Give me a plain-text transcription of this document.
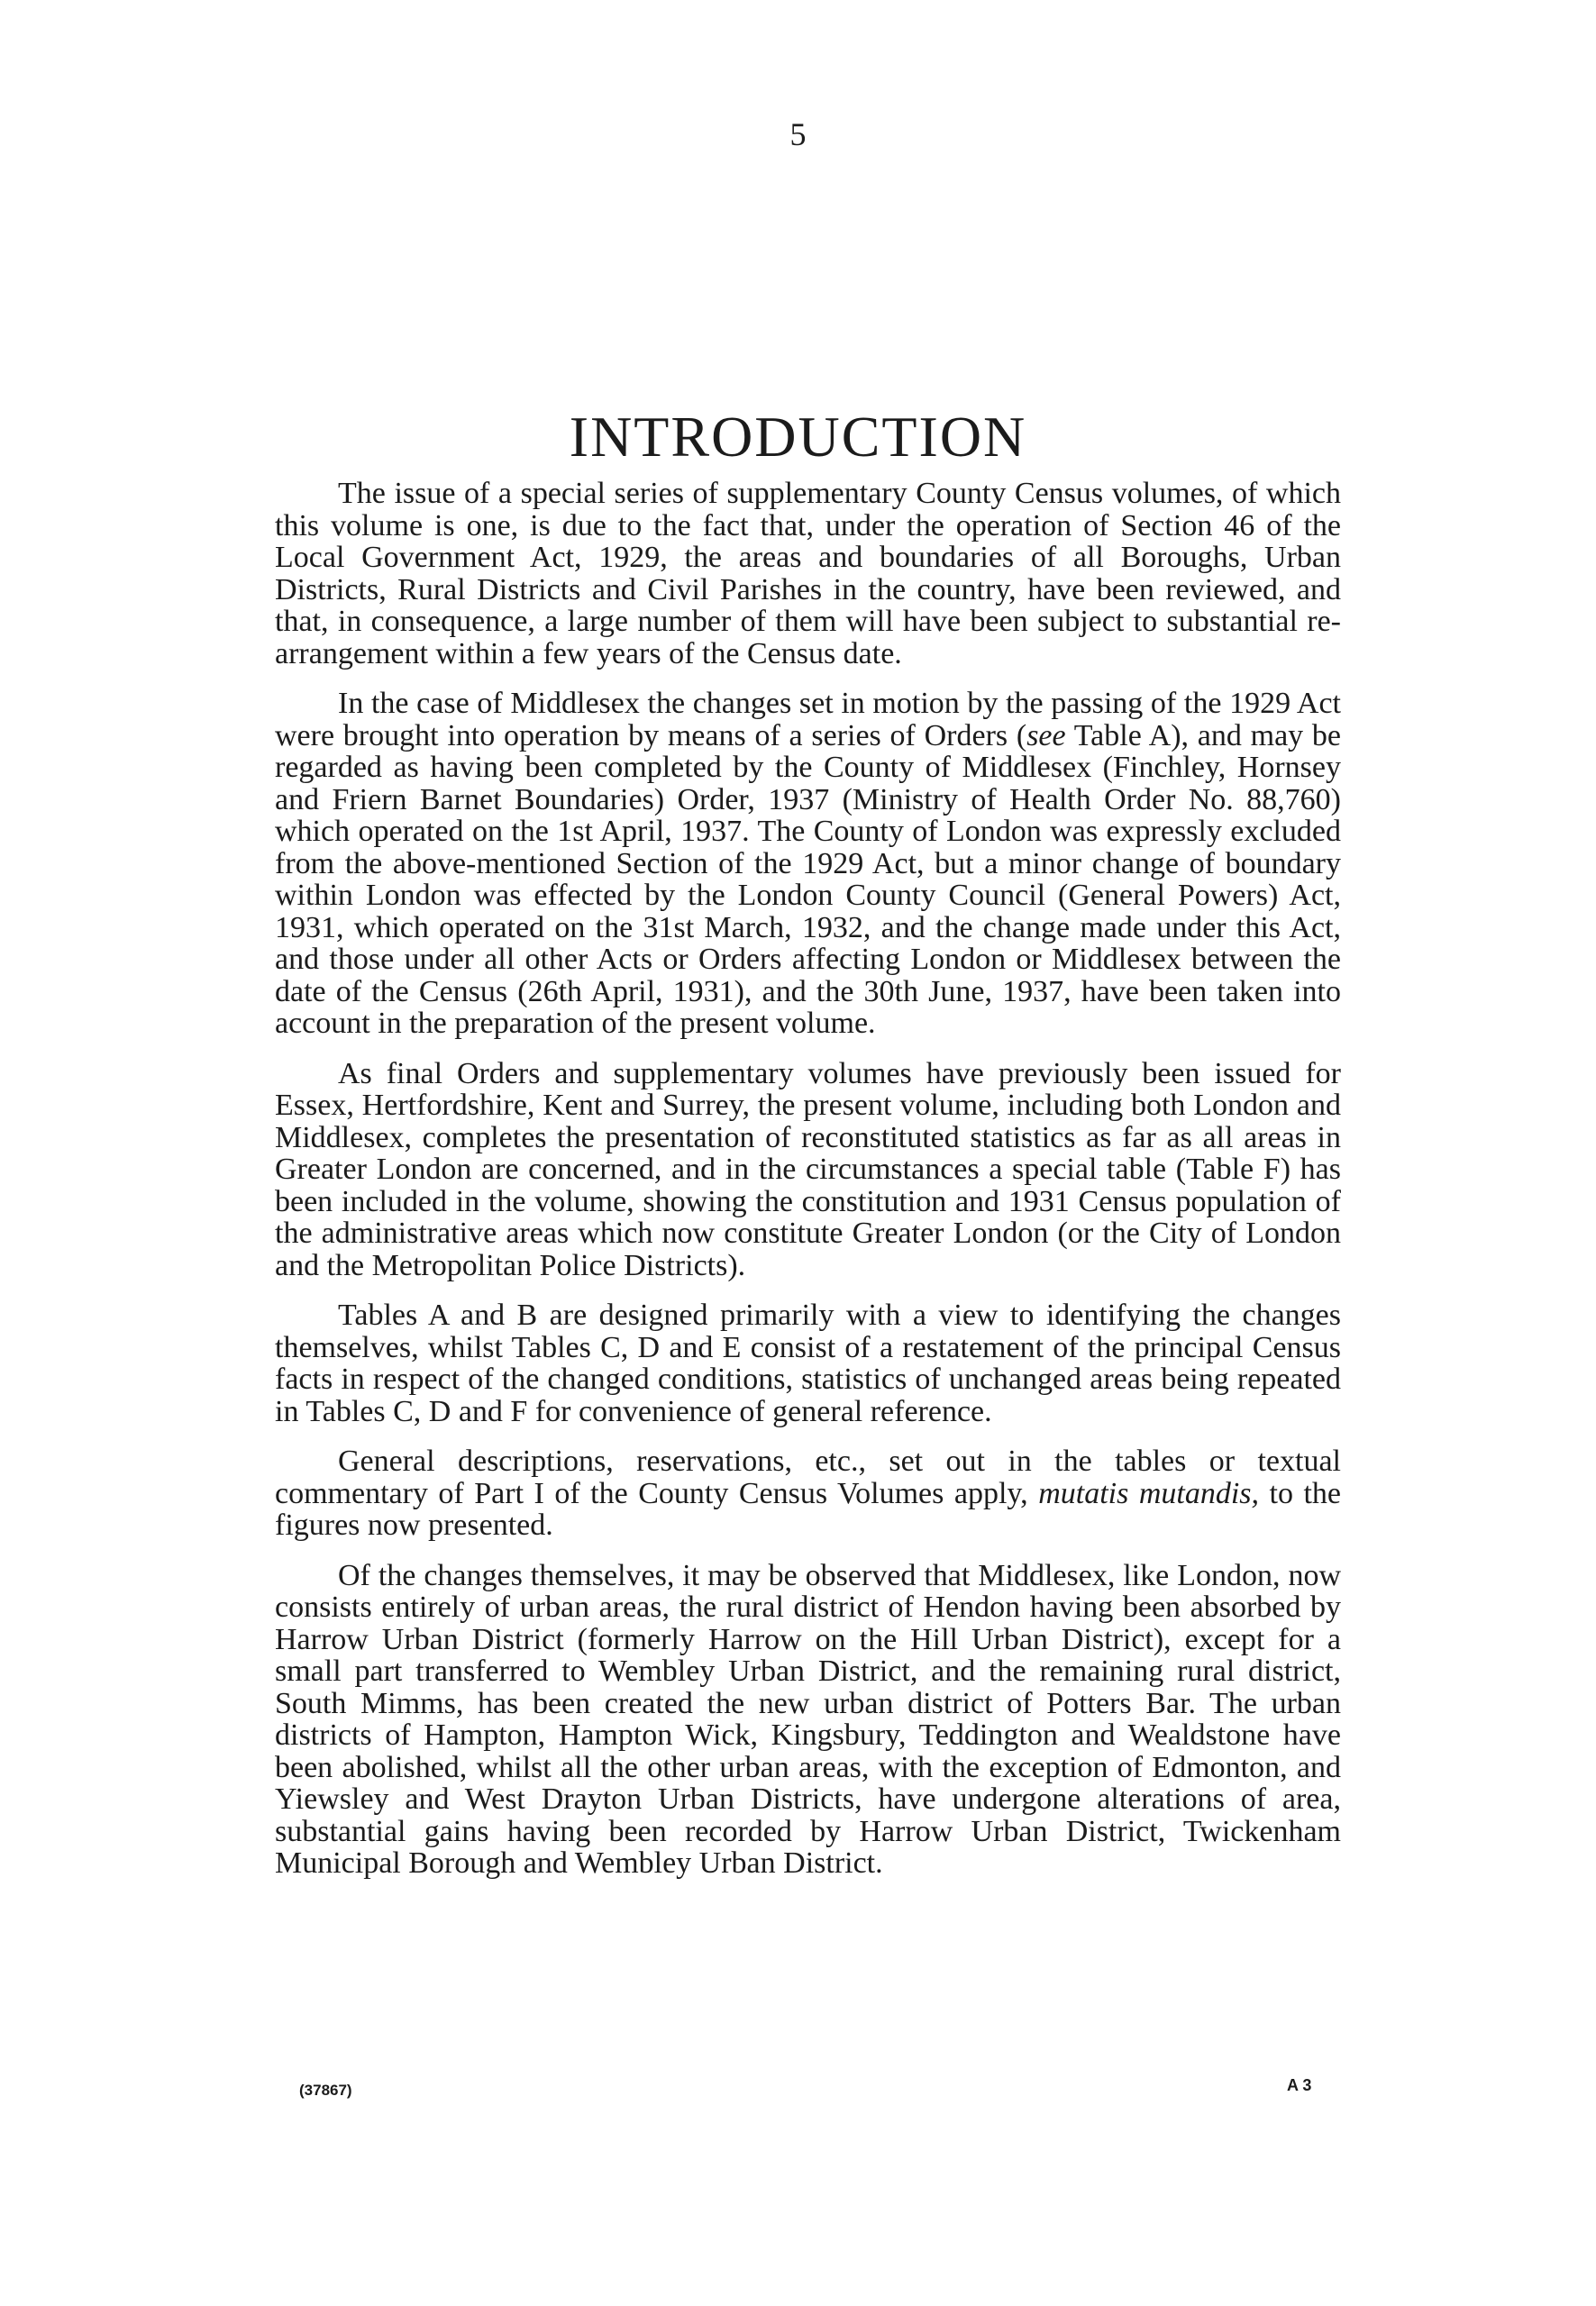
5
INTRODUCTION

The issue of a special series of supplementary County Census volumes, of which this volume is one, is due to the fact that, under the operation of Section 46 of the Local Government Act, 1929, the areas and boundaries of all Boroughs, Urban Districts, Rural Districts and Civil Parishes in the country, have been reviewed, and that, in consequence, a large number of them will have been subject to substantial re-arrangement within a few years of the Census date.

In the case of Middlesex the changes set in motion by the passing of the 1929 Act were brought into operation by means of a series of Orders (see Table A), and may be regarded as having been completed by the County of Middlesex (Finchley, Hornsey and Friern Barnet Boundaries) Order, 1937 (Ministry of Health Order No. 88,760) which operated on the 1st April, 1937. The County of London was expressly excluded from the above-mentioned Section of the 1929 Act, but a minor change of boundary within London was effected by the London County Council (General Powers) Act, 1931, which operated on the 31st March, 1932, and the change made under this Act, and those under all other Acts or Orders affecting London or Middlesex between the date of the Census (26th April, 1931), and the 30th June, 1937, have been taken into account in the preparation of the present volume.

As final Orders and supplementary volumes have previously been issued for Essex, Hertfordshire, Kent and Surrey, the present volume, including both London and Middlesex, completes the presentation of reconstituted statistics as far as all areas in Greater London are concerned, and in the circumstances a special table (Table F) has been included in the volume, showing the constitution and 1931 Census population of the administrative areas which now constitute Greater London (or the City of London and the Metropolitan Police Districts).

Tables A and B are designed primarily with a view to identifying the changes themselves, whilst Tables C, D and E consist of a restatement of the principal Census facts in respect of the changed conditions, statistics of unchanged areas being repeated in Tables C, D and F for convenience of general reference.

General descriptions, reservations, etc., set out in the tables or textual commentary of Part I of the County Census Volumes apply, mutatis mutandis, to the figures now presented.

Of the changes themselves, it may be observed that Middlesex, like London, now consists entirely of urban areas, the rural district of Hendon having been absorbed by Harrow Urban District (formerly Harrow on the Hill Urban District), except for a small part transferred to Wembley Urban District, and the remaining rural district, South Mimms, has been created the new urban district of Potters Bar. The urban districts of Hampton, Hampton Wick, Kingsbury, Teddington and Wealdstone have been abolished, whilst all the other urban areas, with the exception of Edmonton, and Yiewsley and West Drayton Urban Districts, have undergone alterations of area, substantial gains having been recorded by Harrow Urban District, Twickenham Municipal Borough and Wembley Urban District.

(37867)	A 3
